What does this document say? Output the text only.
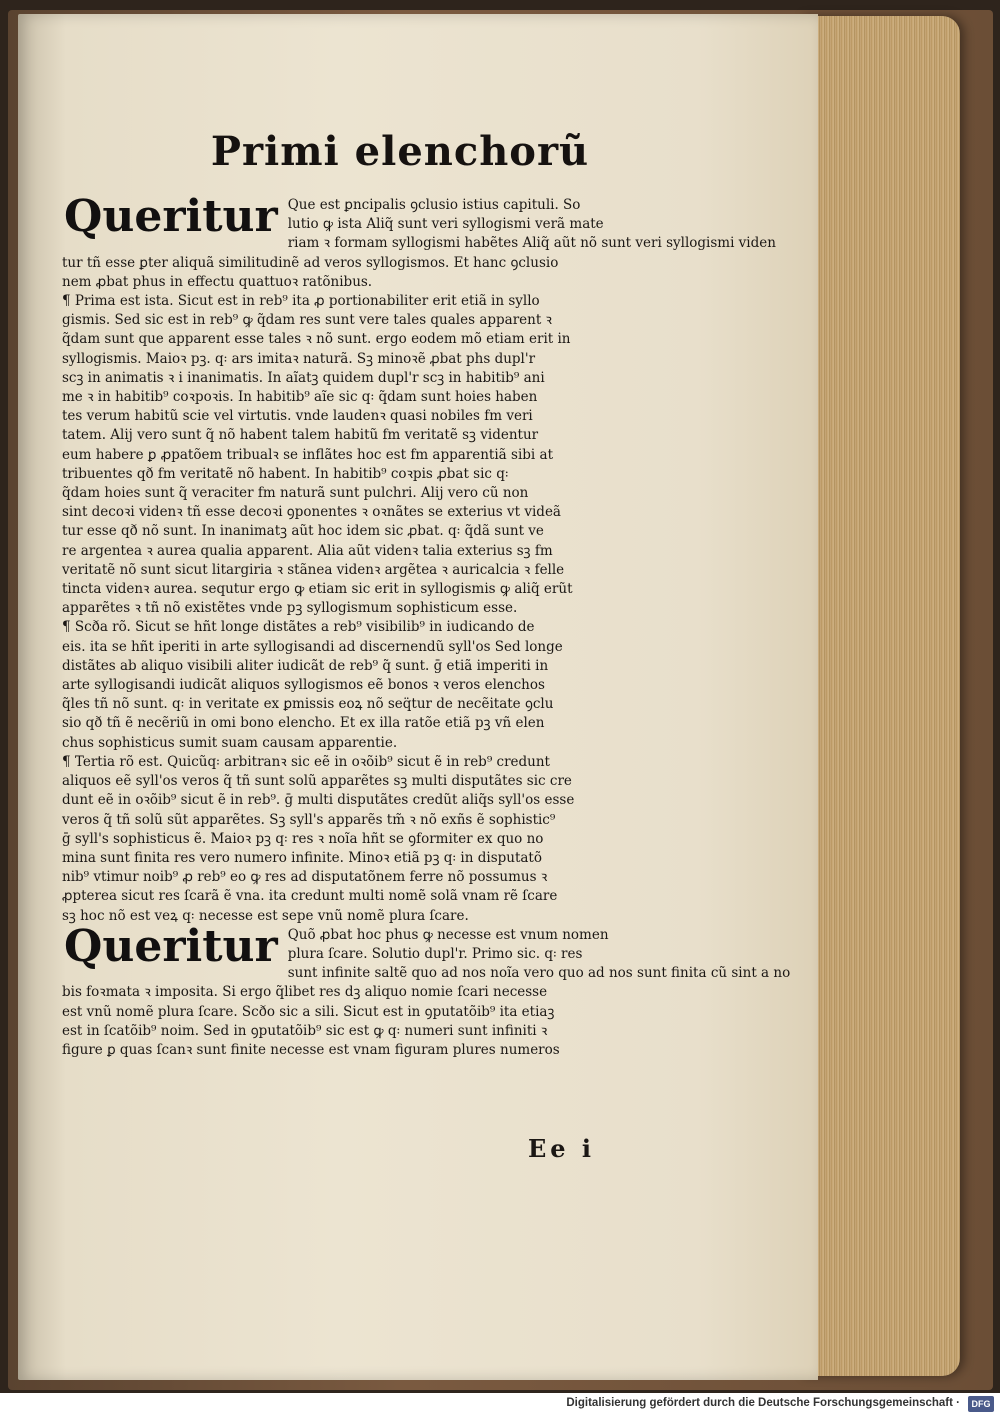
Primi elenchorũ
Queritur Que est ꝑncipalis ꝯclusio istius capituli. So
lutio ꝙ ista Aliq̃ sunt veri syllogismi verã mate
riam ꝛ formam syllogismi habẽtes Aliq̃ aũt nõ sunt veri syllogismi viden
tur tñ esse ꝑter aliquã similitudinẽ ad veros syllogismos. Et hanc ꝯclusio
nem ꝓbat phus in effectu quattuoꝛ ratõnibus.
¶ Prima est ista. Sicut est in reb⁹ ita ꝓ portionabiliter erit etiã in syllo
gismis. Sed sic est in reb⁹ ꝙ q̃dam res sunt vere tales quales apparent ꝛ
q̃dam sunt que apparent esse tales ꝛ nõ sunt. ergo eodem mõ etiam erit in
syllogismis. Maioꝛ pꝫ. q꞉ ars imitaꝛ naturã. Sꝫ minoꝛẽ ꝓbat phs dupl'r
scꝫ in animatis ꝛ i inanimatis. In aĩatꝫ quidem dupl'r scꝫ in habitib⁹ ani
me ꝛ in habitib⁹ coꝛpoꝛis. In habitib⁹ aĩe sic q꞉ q̃dam sunt hoies haben
tes verum habitũ scie vel virtutis. vnde laudenꝛ quasi nobiles fm veri
tatem. Alij vero sunt q̃ nõ habent talem habitũ fm veritatẽ sꝫ videntur
eum habere ꝑ ꝓpatõem tribualꝛ se inflãtes hoc est fm apparentiã sibi at
tribuentes qð fm veritatẽ nõ habent. In habitib⁹ coꝛpis ꝓbat sic q꞉
q̃dam hoies sunt q̃ veraciter fm naturã sunt pulchri. Alij vero cũ non
sint decoꝛi videnꝛ tñ esse decoꝛi ꝯponentes ꝛ oꝛnãtes se exterius vt videã
tur esse qð nõ sunt. In inanimatꝫ aũt hoc idem sic ꝓbat. q꞉ q̃dã sunt ve
re argentea ꝛ aurea qualia apparent. Alia aũt videnꝛ talia exterius sꝫ fm
veritatẽ nõ sunt sicut litargiria ꝛ stãnea videnꝛ argẽtea ꝛ auricalcia ꝛ felle
tincta videnꝛ aurea. sequtur ergo ꝙ etiam sic erit in syllogismis ꝙ aliq̃ erũt
apparẽtes ꝛ tñ nõ existẽtes vnde pꝫ syllogismum sophisticum esse.
¶ Scða rõ. Sicut se hñt longe distãtes a reb⁹ visibilib⁹ in iudicando de
eis. ita se hñt iperiti in arte syllogisandi ad discernendũ syll'os Sed longe
distãtes ab aliquo visibili aliter iudicãt de reb⁹ q̃ sunt. ḡ etiã imperiti in
arte syllogisandi iudicãt aliquos syllogismos eẽ bonos ꝛ veros elenchos
q̃les tñ nõ sunt. q꞉ in veritate ex ꝑmissis eoꝝ nõ seq̈tur de necẽitate ꝯclu
sio qð tñ ẽ necẽriũ in omi bono elencho. Et ex illa ratõe etiã pꝫ vñ elen
chus sophisticus sumit suam causam apparentie.
¶ Tertia rõ est. Quicũq꞉ arbitranꝛ sic eẽ in oꝛõib⁹ sicut ẽ in reb⁹ credunt
aliquos eẽ syll'os veros q̃ tñ sunt solũ apparẽtes sꝫ multi disputãtes sic cre
dunt eẽ in oꝛõib⁹ sicut ẽ in reb⁹. ḡ multi disputãtes credũt aliq̃s syll'os esse
veros q̃ tñ solũ sũt apparẽtes. Sꝫ syll's apparẽs tm̃ ꝛ nõ exñs ẽ sophistic⁹
ḡ syll's sophisticus ẽ. Maioꝛ pꝫ q꞉ res ꝛ noĩa hñt se ꝯformiter ex quo no
mina sunt finita res vero numero infinite. Minoꝛ etiã pꝫ q꞉ in disputatõ
nib⁹ vtimur noib⁹ ꝓ reb⁹ eo ꝙ res ad disputatõnem ferre nõ possumus ꝛ
ꝓpterea sicut res ſcarã ẽ vna. ita credunt multi nomẽ solã vnam rẽ ſcare
sꝫ hoc nõ est veꝝ q꞉ necesse est sepe vnũ nomẽ plura ſcare.
Queritur Quõ ꝓbat hoc phus ꝙ necesse est vnum nomen
plura ſcare. Solutio dupl'r. Primo sic. q꞉ res
sunt infinite saltẽ quo ad nos noĩa vero quo ad nos sunt finita cũ sint a no
bis foꝛmata ꝛ imposita. Si ergo q̃libet res dꝫ aliquo nomie ſcari necesse
est vnũ nomẽ plura ſcare. Scðo sic a sili. Sicut est in ꝯputatõib⁹ ita etiaꝫ
est in ſcatõib⁹ noim. Sed in ꝯputatõib⁹ sic est ꝙ q꞉ numeri sunt infiniti ꝛ
figure ꝑ quas ſcanꝛ sunt finite necesse est vnam figuram plures numeros
Ee i
Digitalisierung gefördert durch die Deutsche Forschungsgemeinschaft ·	DFG
